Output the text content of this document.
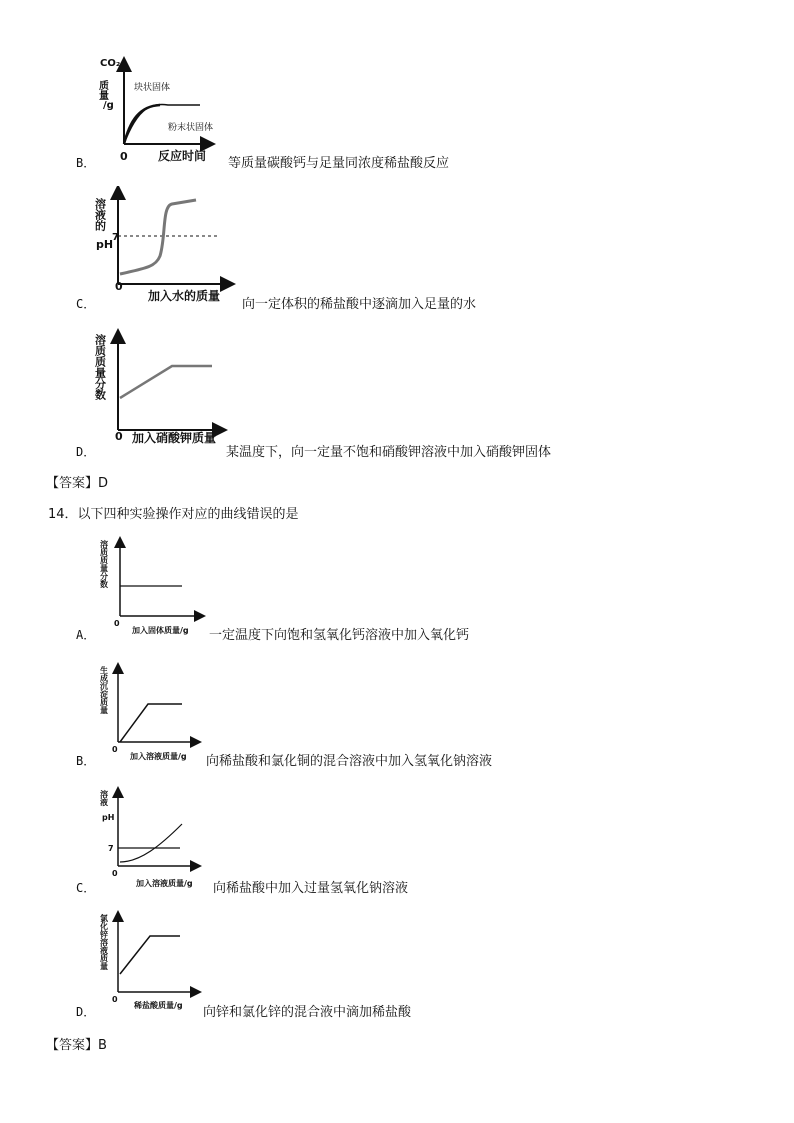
CO₂
质量
/g
块状固体
粉末状固体
0	反应时间
B．	等质量碳酸钙与足量同浓度稀盐酸反应
溶液的
pH
7
0
加入水的质量
C．	向一定体积的稀盐酸中逐滴加入足量的水
溶质质量分数
0 加入硝酸钾质量
D．	某温度下，向一定量不饱和硝酸钾溶液中加入硝酸钾固体
【答案】D
14．以下四种实验操作对应的曲线错误的是
溶质质量分数
0
加入固体质量/g
A．	一定温度下向饱和氢氧化钙溶液中加入氧化钙
生成沉淀质量
0
加入溶液质量/g
B．	向稀盐酸和氯化铜的混合溶液中加入氢氧化钠溶液
溶液
pH
7
0
加入溶液质量/g
C．	向稀盐酸中加入过量氢氧化钠溶液
氯化锌溶液质量
0
稀盐酸质量/g
D．	向锌和氯化锌的混合液中滴加稀盐酸
【答案】B
